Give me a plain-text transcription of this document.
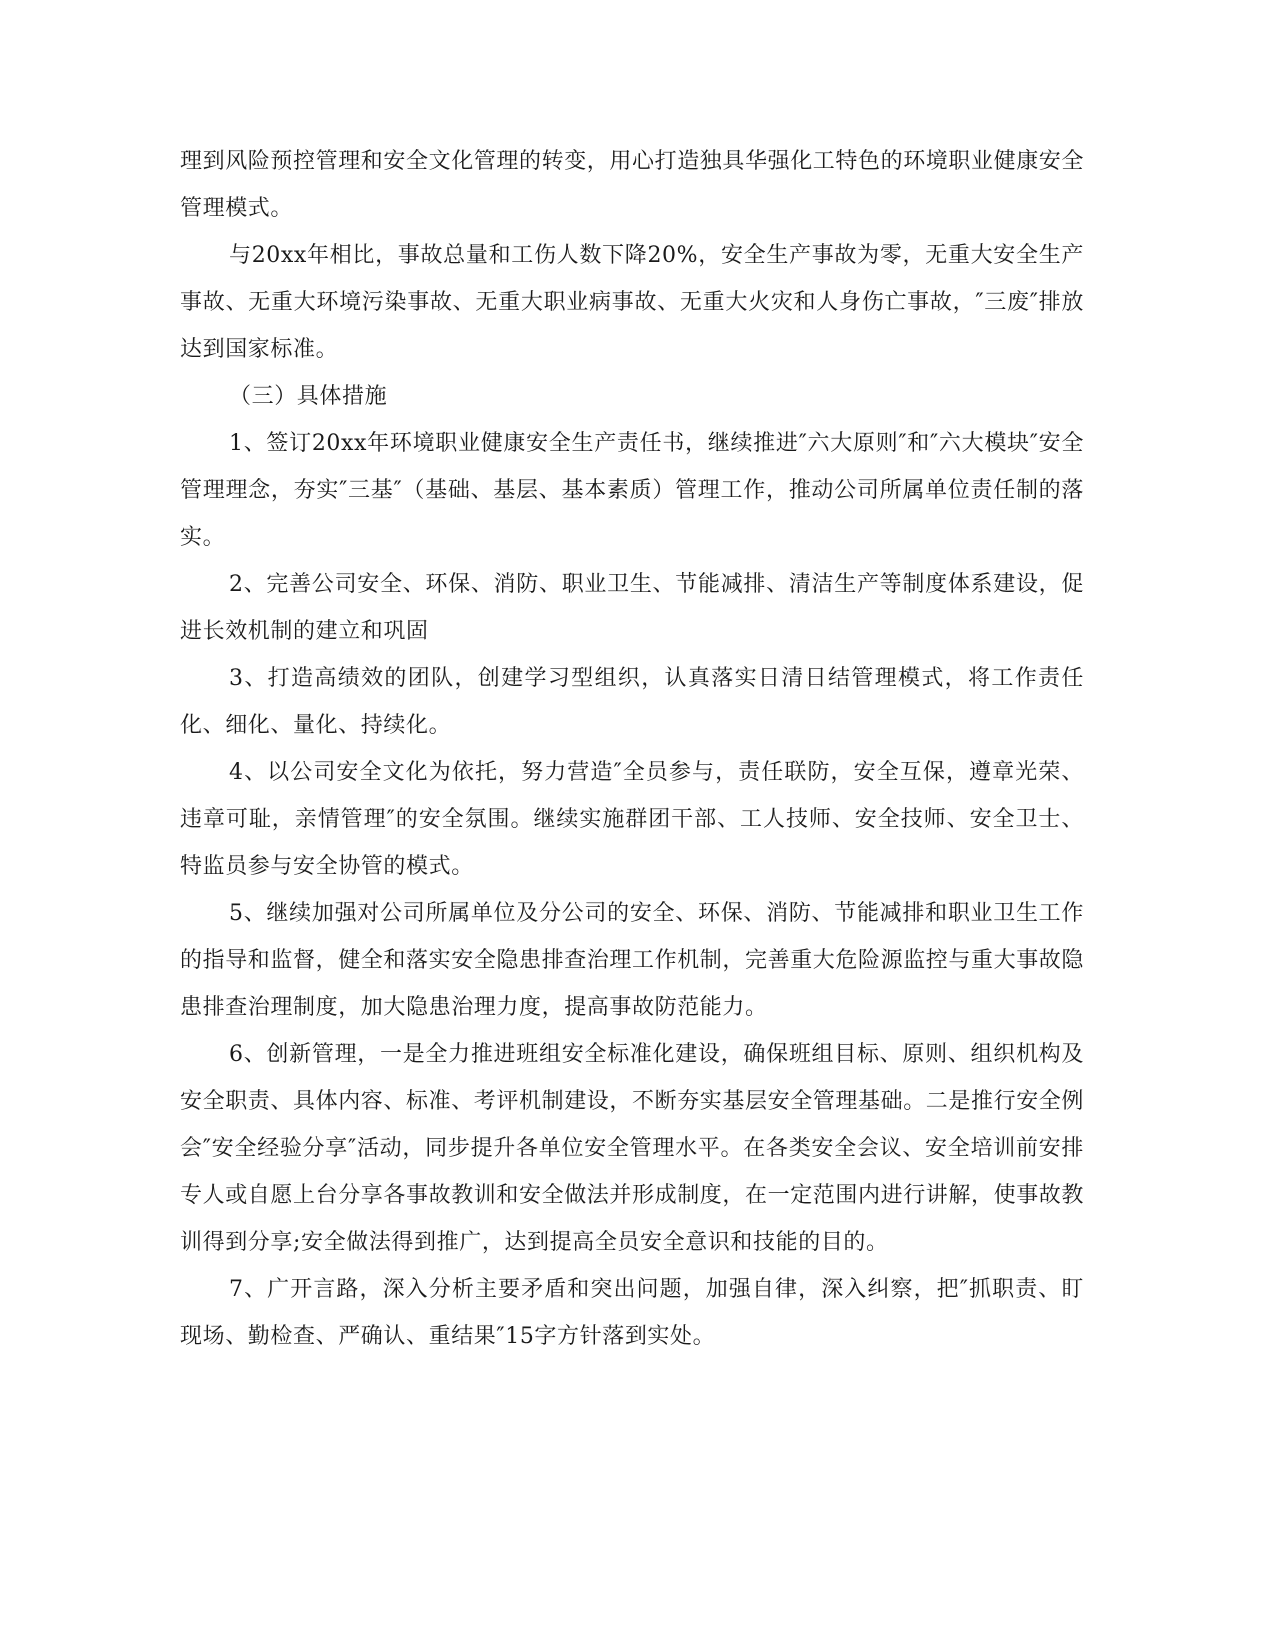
理到风险预控管理和安全文化管理的转变，用心打造独具华强化工特色的环境职业健康安全管理模式。

与20xx年相比，事故总量和工伤人数下降20%，安全生产事故为零，无重大安全生产事故、无重大环境污染事故、无重大职业病事故、无重大火灾和人身伤亡事故，″三废″排放达到国家标准。

（三）具体措施

1、签订20xx年环境职业健康安全生产责任书，继续推进″六大原则″和″六大模块″安全管理理念，夯实″三基″（基础、基层、基本素质）管理工作，推动公司所属单位责任制的落实。

2、完善公司安全、环保、消防、职业卫生、节能减排、清洁生产等制度体系建设，促进长效机制的建立和巩固

3、打造高绩效的团队，创建学习型组织，认真落实日清日结管理模式，将工作责任化、细化、量化、持续化。

4、以公司安全文化为依托，努力营造″全员参与，责任联防，安全互保，遵章光荣、违章可耻，亲情管理″的安全氛围。继续实施群团干部、工人技师、安全技师、安全卫士、特监员参与安全协管的模式。

5、继续加强对公司所属单位及分公司的安全、环保、消防、节能减排和职业卫生工作的指导和监督，健全和落实安全隐患排查治理工作机制，完善重大危险源监控与重大事故隐患排查治理制度，加大隐患治理力度，提高事故防范能力。

6、创新管理，一是全力推进班组安全标准化建设，确保班组目标、原则、组织机构及安全职责、具体内容、标准、考评机制建设，不断夯实基层安全管理基础。二是推行安全例会″安全经验分享″活动，同步提升各单位安全管理水平。在各类安全会议、安全培训前安排专人或自愿上台分享各事故教训和安全做法并形成制度，在一定范围内进行讲解，使事故教训得到分享;安全做法得到推广，达到提高全员安全意识和技能的目的。

7、广开言路，深入分析主要矛盾和突出问题，加强自律，深入纠察，把″抓职责、盯现场、勤检查、严确认、重结果″15字方针落到实处。
